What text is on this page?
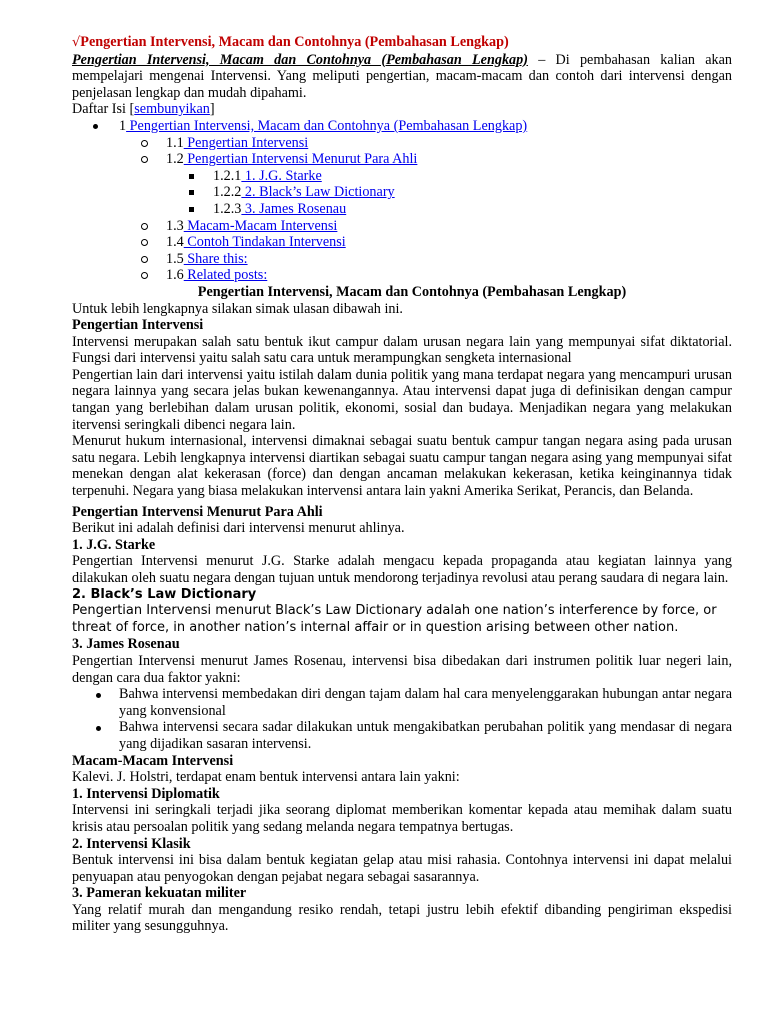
√Pengertian Intervensi, Macam dan Contohnya (Pembahasan Lengkap)

Pengertian Intervensi, Macam dan Contohnya (Pembahasan Lengkap) – Di pembahasan kalian akan mempelajari mengenai Intervensi. Yang meliputi pengertian, macam-macam dan contoh dari intervensi dengan penjelasan lengkap dan mudah dipahami.

Daftar Isi [sembunyikan]

1 Pengertian Intervensi, Macam dan Contohnya (Pembahasan Lengkap)
1.1 Pengertian Intervensi
1.2 Pengertian Intervensi Menurut Para Ahli
1.2.1 1. J.G. Starke
1.2.2 2. Black’s Law Dictionary
1.2.3 3. James Rosenau
1.3 Macam-Macam Intervensi
1.4 Contoh Tindakan Intervensi
1.5 Share this:
1.6 Related posts:

Pengertian Intervensi, Macam dan Contohnya (Pembahasan Lengkap)

Untuk lebih lengkapnya silakan simak ulasan dibawah ini.

Pengertian Intervensi

Intervensi merupakan salah satu bentuk ikut campur dalam urusan negara lain yang mempunyai sifat diktatorial. Fungsi dari intervensi yaitu salah satu cara untuk merampungkan sengketa internasional

Pengertian lain dari intervensi yaitu istilah dalam dunia politik yang mana terdapat negara yang mencampuri urusan negara lainnya yang secara jelas bukan kewenangannya. Atau intervensi dapat juga di definisikan dengan campur tangan yang berlebihan dalam urusan politik, ekonomi, sosial dan budaya. Menjadikan negara yang melakukan itervensi seringkali dibenci negara lain.

Menurut hukum internasional, intervensi dimaknai sebagai suatu bentuk campur tangan negara asing pada urusan satu negara. Lebih lengkapnya intervensi diartikan sebagai suatu campur tangan negara asing yang mempunyai sifat menekan dengan alat kekerasan (force) dan dengan ancaman melakukan kekerasan, ketika keinginannya tidak terpenuhi. Negara yang biasa melakukan intervensi antara lain yakni Amerika Serikat, Perancis, dan Belanda.

Pengertian Intervensi Menurut Para Ahli

Berikut ini adalah definisi dari intervensi menurut ahlinya.

1. J.G. Starke

Pengertian Intervensi menurut J.G. Starke adalah mengacu kepada propaganda atau kegiatan lainnya yang dilakukan oleh suatu negara dengan tujuan untuk mendorong terjadinya revolusi atau perang saudara di negara lain.

2. Black’s Law Dictionary

Pengertian Intervensi menurut Black’s Law Dictionary adalah one nation’s interference by force, or threat of force, in another nation’s internal affair or in question arising between other nation.

3. James Rosenau

Pengertian Intervensi menurut James Rosenau, intervensi bisa dibedakan dari instrumen politik luar negeri lain, dengan cara dua faktor yakni:

Bahwa intervensi membedakan diri dengan tajam dalam hal cara menyelenggarakan hubungan antar negara yang konvensional
Bahwa intervensi secara sadar dilakukan untuk mengakibatkan perubahan politik yang mendasar di negara yang dijadikan sasaran intervensi.
Macam-Macam Intervensi

Kalevi. J. Holstri, terdapat enam bentuk intervensi antara lain yakni:

1. Intervensi Diplomatik

Intervensi ini seringkali terjadi jika seorang diplomat memberikan komentar kepada atau memihak dalam suatu krisis atau persoalan politik yang sedang melanda negara tempatnya bertugas.

2. Intervensi Klasik

Bentuk intervensi ini bisa dalam bentuk kegiatan gelap atau misi rahasia. Contohnya intervensi ini dapat melalui penyuapan atau penyogokan dengan pejabat negara sebagai sasarannya.

3. Pameran kekuatan militer

Yang relatif murah dan mengandung resiko rendah, tetapi justru lebih efektif dibanding pengiriman ekspedisi militer yang sesungguhnya.
